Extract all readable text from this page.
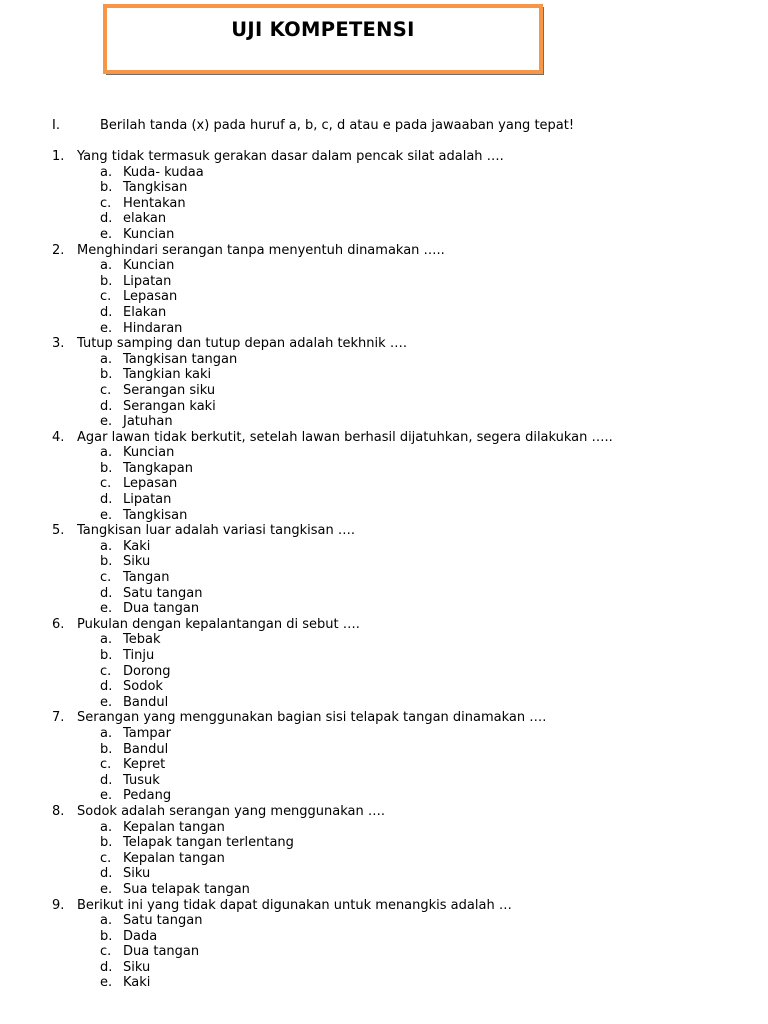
UJI KOMPETENSI
I.	Berilah tanda (x) pada huruf a, b, c, d atau e pada jawaaban yang tepat!
1. Yang tidak termasuk gerakan dasar dalam pencak silat adalah ….
a. Kuda- kudaa
b. Tangkisan
c. Hentakan
d. elakan
e. Kuncian
2. Menghindari serangan tanpa menyentuh dinamakan …..
a. Kuncian
b. Lipatan
c. Lepasan
d. Elakan
e. Hindaran
3. Tutup samping dan tutup depan adalah tekhnik ….
a. Tangkisan tangan
b. Tangkian kaki
c. Serangan siku
d. Serangan kaki
e. Jatuhan
4. Agar lawan tidak berkutit, setelah lawan berhasil dijatuhkan, segera dilakukan …..
a. Kuncian
b. Tangkapan
c. Lepasan
d. Lipatan
e. Tangkisan
5. Tangkisan luar adalah variasi tangkisan ….
a. Kaki
b. Siku
c. Tangan
d. Satu tangan
e. Dua tangan
6. Pukulan dengan kepalantangan di sebut ….
a. Tebak
b. Tinju
c. Dorong
d. Sodok
e. Bandul
7. Serangan yang menggunakan bagian sisi telapak tangan dinamakan ….
a. Tampar
b. Bandul
c. Kepret
d. Tusuk
e. Pedang
8. Sodok adalah serangan yang menggunakan ….
a. Kepalan tangan
b. Telapak tangan terlentang
c. Kepalan tangan
d. Siku
e. Sua telapak tangan
9. Berikut ini yang tidak dapat digunakan untuk menangkis adalah …
a. Satu tangan
b. Dada
c. Dua tangan
d. Siku
e. Kaki
